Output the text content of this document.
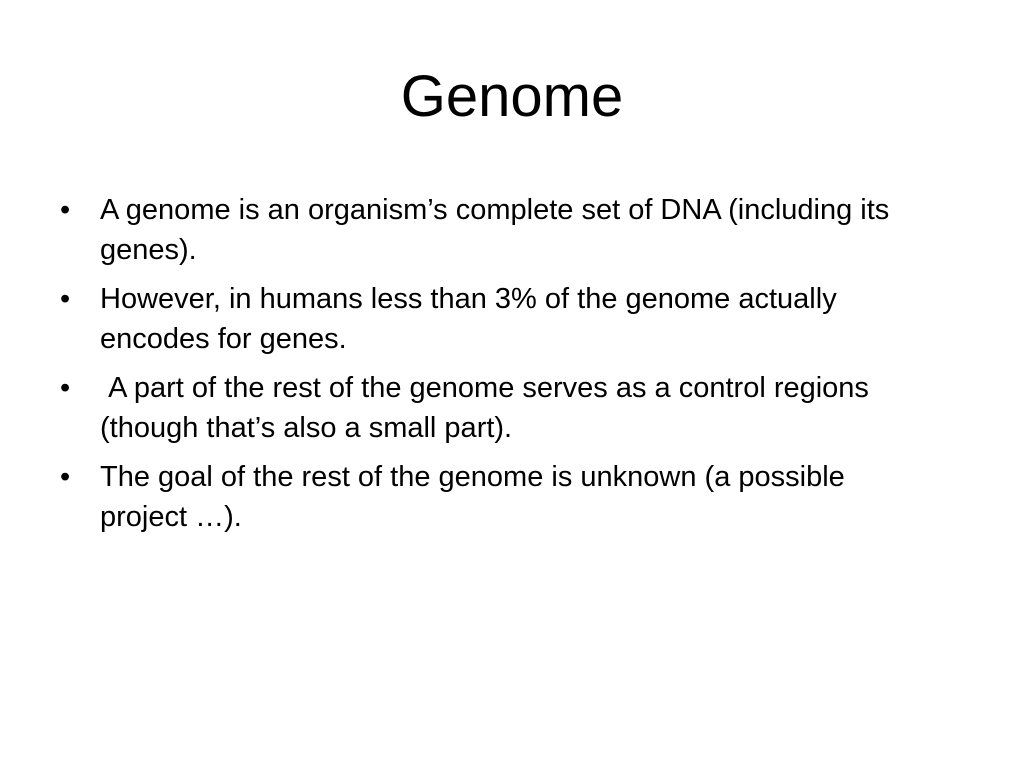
Genome
•	A genome is an organism’s complete set of DNA (including its genes).
•	However, in humans less than 3% of the genome actually encodes for genes.
•	A part of the rest of the genome serves as a control regions (though that’s also a small part).
•	The goal of the rest of the genome is unknown (a possible project …).
